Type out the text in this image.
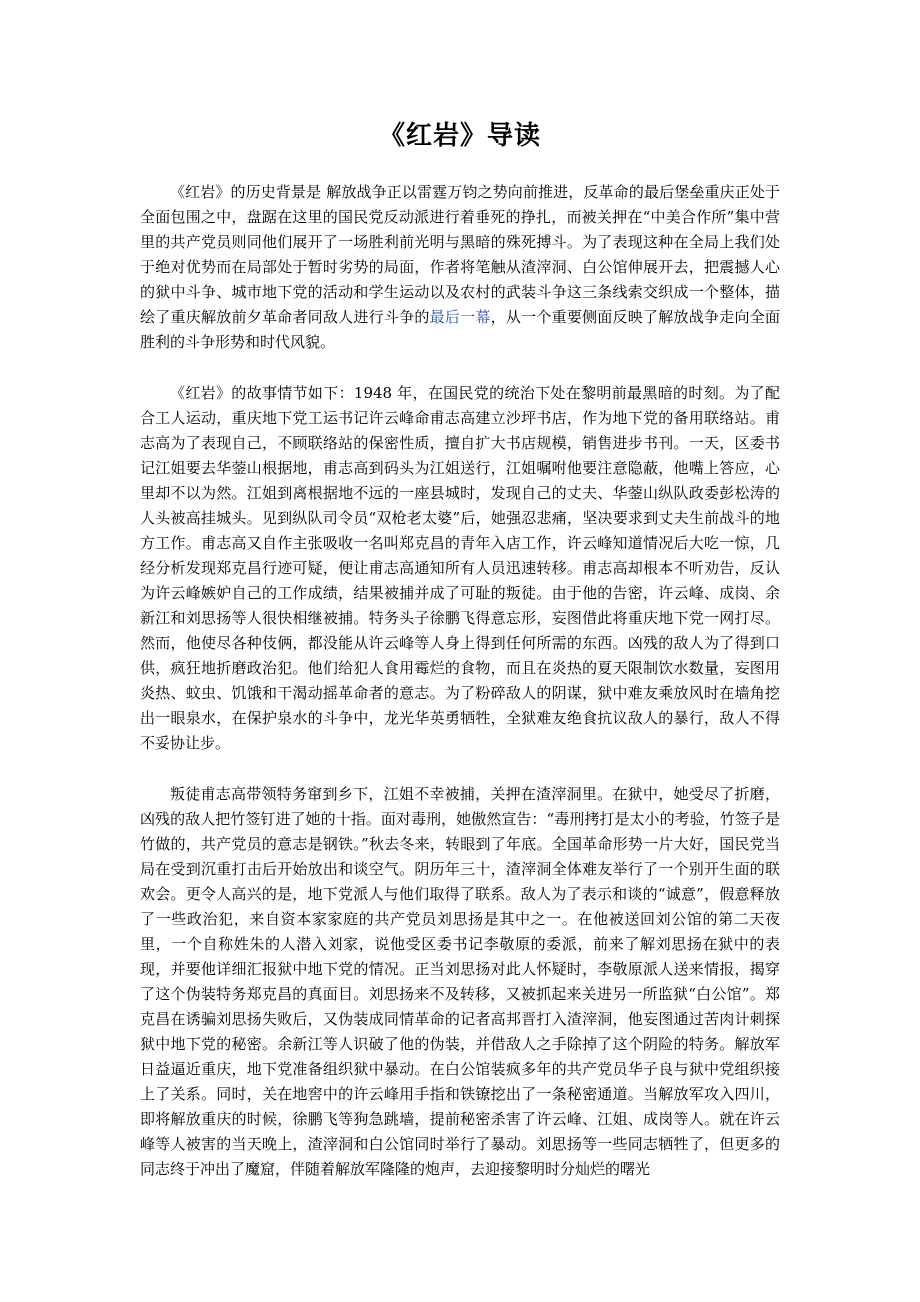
《红岩》导读

《红岩》的历史背景是 解放战争正以雷霆万钧之势向前推进，反革命的最后堡垒重庆正处于全面包围之中，盘踞在这里的国民党反动派进行着垂死的挣扎，而被关押在“中美合作所”集中营里的共产党员则同他们展开了一场胜利前光明与黑暗的殊死搏斗。为了表现这种在全局上我们处于绝对优势而在局部处于暂时劣势的局面，作者将笔触从渣滓洞、白公馆伸展开去，把震撼人心的狱中斗争、城市地下党的活动和学生运动以及农村的武装斗争这三条线索交织成一个整体，描绘了重庆解放前夕革命者同敌人进行斗争的最后一幕，从一个重要侧面反映了解放战争走向全面胜利的斗争形势和时代风貌。

《红岩》的故事情节如下：1948 年，在国民党的统治下处在黎明前最黑暗的时刻。为了配合工人运动，重庆地下党工运书记许云峰命甫志高建立沙坪书店，作为地下党的备用联络站。甫志高为了表现自己，不顾联络站的保密性质，擅自扩大书店规模，销售进步书刊。一天，区委书记江姐要去华蓥山根据地，甫志高到码头为江姐送行，江姐嘱咐他要注意隐蔽，他嘴上答应，心里却不以为然。江姐到离根据地不远的一座县城时，发现自己的丈夫、华蓥山纵队政委彭松涛的人头被高挂城头。见到纵队司令员“双枪老太婆”后，她强忍悲痛，坚决要求到丈夫生前战斗的地方工作。甫志高又自作主张吸收一名叫郑克昌的青年入店工作，许云峰知道情况后大吃一惊，几经分析发现郑克昌行迹可疑，便让甫志高通知所有人员迅速转移。甫志高却根本不听劝告，反认为许云峰嫉妒自己的工作成绩，结果被捕并成了可耻的叛徒。由于他的告密，许云峰、成岗、余新江和刘思扬等人很快相继被捕。特务头子徐鹏飞得意忘形，妄图借此将重庆地下党一网打尽。然而，他使尽各种伎俩，都没能从许云峰等人身上得到任何所需的东西。凶残的敌人为了得到口供，疯狂地折磨政治犯。他们给犯人食用霉烂的食物，而且在炎热的夏天限制饮水数量，妄图用炎热、蚊虫、饥饿和干渴动摇革命者的意志。为了粉碎敌人的阴谋，狱中难友乘放风时在墙角挖出一眼泉水，在保护泉水的斗争中，龙光华英勇牺牲，全狱难友绝食抗议敌人的暴行，敌人不得不妥协让步。

叛徒甫志高带领特务窜到乡下，江姐不幸被捕，关押在渣滓洞里。在狱中，她受尽了折磨，凶残的敌人把竹签钉进了她的十指。面对毒刑，她傲然宣告：“毒刑拷打是太小的考验，竹签子是竹做的，共产党员的意志是钢铁。”秋去冬来，转眼到了年底。全国革命形势一片大好，国民党当局在受到沉重打击后开始放出和谈空气。阴历年三十，渣滓洞全体难友举行了一个别开生面的联欢会。更令人高兴的是，地下党派人与他们取得了联系。敌人为了表示和谈的“诚意”，假意释放了一些政治犯，来自资本家家庭的共产党员刘思扬是其中之一。在他被送回刘公馆的第二天夜里，一个自称姓朱的人潜入刘家，说他受区委书记李敬原的委派，前来了解刘思扬在狱中的表现，并要他详细汇报狱中地下党的情况。正当刘思扬对此人怀疑时，李敬原派人送来情报，揭穿了这个伪装特务郑克昌的真面目。刘思扬来不及转移，又被抓起来关进另一所监狱“白公馆”。郑克昌在诱骗刘思扬失败后，又伪装成同情革命的记者高邦晋打入渣滓洞，他妄图通过苦肉计刺探狱中地下党的秘密。余新江等人识破了他的伪装，并借敌人之手除掉了这个阴险的特务。解放军日益逼近重庆，地下党准备组织狱中暴动。在白公馆装疯多年的共产党员华子良与狱中党组织接上了关系。同时，关在地窖中的许云峰用手指和铁镣挖出了一条秘密通道。当解放军攻入四川，即将解放重庆的时候，徐鹏飞等狗急跳墙，提前秘密杀害了许云峰、江姐、成岗等人。就在许云峰等人被害的当天晚上，渣滓洞和白公馆同时举行了暴动。刘思扬等一些同志牺牲了，但更多的同志终于冲出了魔窟，伴随着解放军隆隆的炮声，去迎接黎明时分灿烂的曙光
